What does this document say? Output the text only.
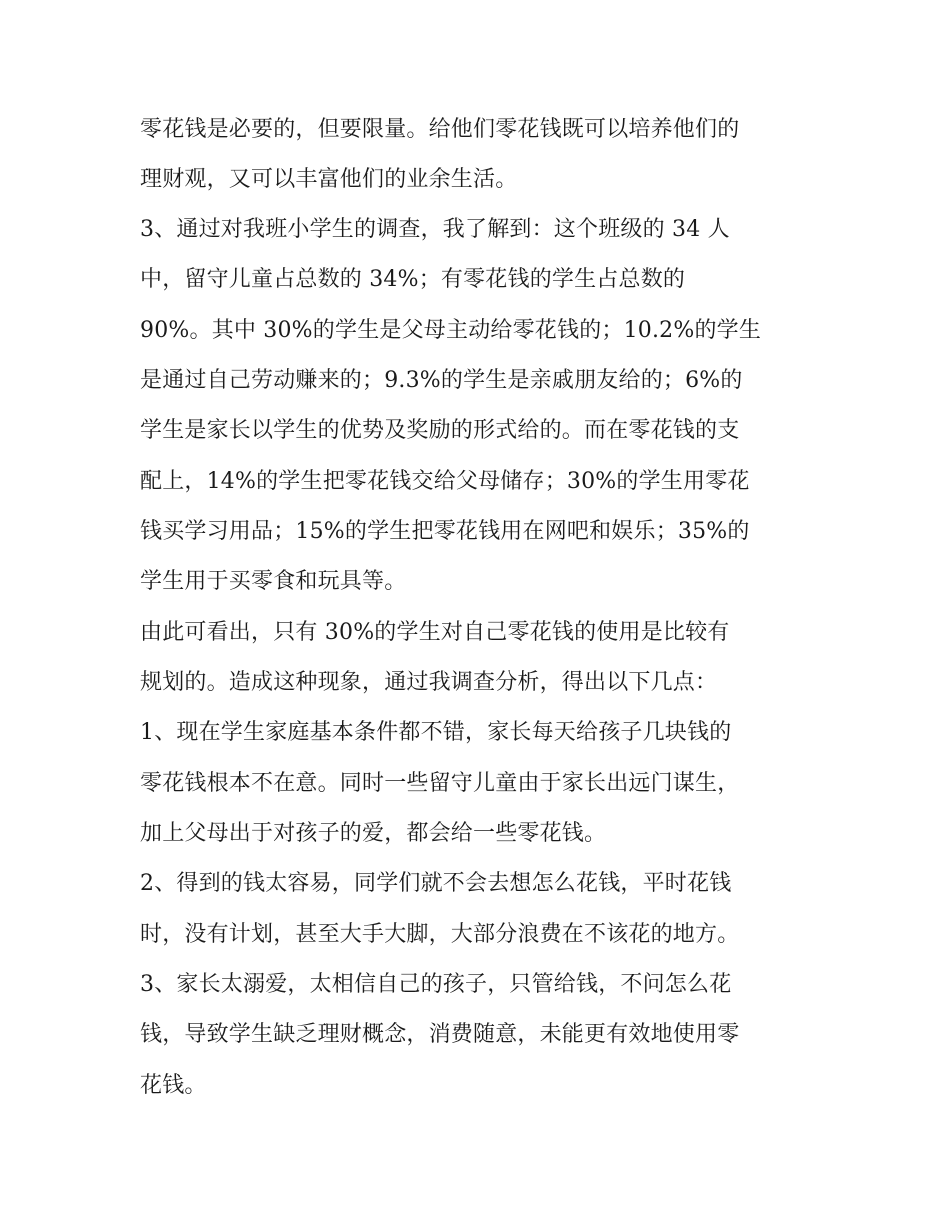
零花钱是必要的，但要限量。给他们零花钱既可以培养他们的
理财观，又可以丰富他们的业余生活。
3、通过对我班小学生的调查，我了解到：这个班级的 34 人
中，留守儿童占总数的 34%；有零花钱的学生占总数的
90%。其中 30%的学生是父母主动给零花钱的；10.2%的学生
是通过自己劳动赚来的；9.3%的学生是亲戚朋友给的；6%的
学生是家长以学生的优势及奖励的形式给的。而在零花钱的支
配上，14%的学生把零花钱交给父母储存；30%的学生用零花
钱买学习用品；15%的学生把零花钱用在网吧和娱乐；35%的
学生用于买零食和玩具等。
由此可看出，只有 30%的学生对自己零花钱的使用是比较有
规划的。造成这种现象，通过我调查分析，得出以下几点：
1、现在学生家庭基本条件都不错，家长每天给孩子几块钱的
零花钱根本不在意。同时一些留守儿童由于家长出远门谋生，
加上父母出于对孩子的爱，都会给一些零花钱。
2、得到的钱太容易，同学们就不会去想怎么花钱，平时花钱
时，没有计划，甚至大手大脚，大部分浪费在不该花的地方。
3、家长太溺爱，太相信自己的孩子，只管给钱，不问怎么花
钱，导致学生缺乏理财概念，消费随意，未能更有效地使用零
花钱。
